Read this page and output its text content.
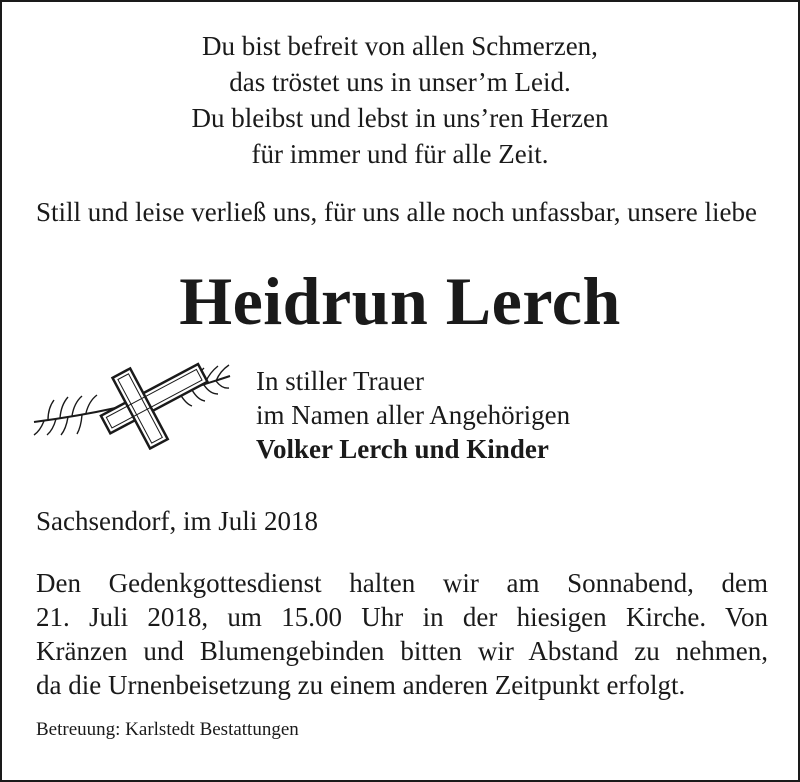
Du bist befreit von allen Schmerzen,
das tröstet uns in unser’m Leid.
Du bleibst und lebst in uns’ren Herzen
für immer und für alle Zeit.
Still und leise verließ uns, für uns alle noch unfassbar, unsere liebe
Heidrun Lerch
In stiller Trauer
im Namen aller Angehörigen
Volker Lerch und Kinder
Sachsendorf, im Juli 2018
Den Gedenkgottesdienst halten wir am Sonnabend, dem
21. Juli 2018, um 15.00 Uhr in der hiesigen Kirche. Von
Kränzen und Blumengebinden bitten wir Abstand zu nehmen,
da die Urnenbeisetzung zu einem anderen Zeitpunkt erfolgt.
Betreuung: Karlstedt Bestattungen
